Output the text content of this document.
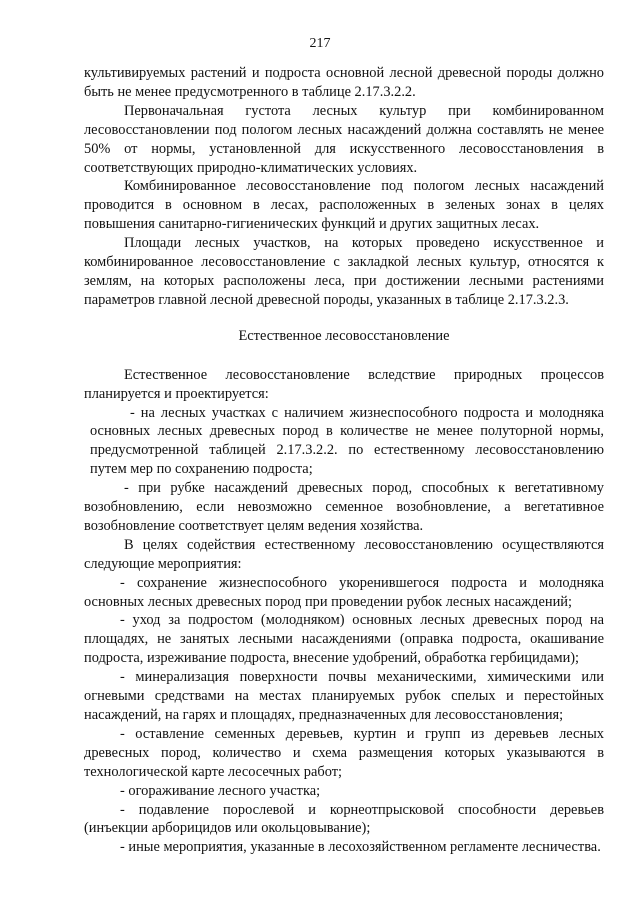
217

культивируемых растений и подроста основной лесной древесной породы должно быть не менее предусмотренного в таблице 2.17.3.2.2.

Первоначальная густота лесных культур при комбинированном лесовосстановлении под пологом лесных насаждений должна составлять не менее 50% от нормы, установленной для искусственного лесовосстановления в соответствующих природно-климатических условиях.

Комбинированное лесовосстановление под пологом лесных насаждений проводится в основном в лесах, расположенных в зеленых зонах в целях повышения санитарно-гигиенических функций и других защитных лесах.

Площади лесных участков, на которых проведено искусственное и комбинированное лесовосстановление с закладкой лесных культур, относятся к землям, на которых расположены леса, при достижении лесными растениями параметров главной лесной древесной породы, указанных в таблице 2.17.3.2.3.

Естественное лесовосстановление

Естественное лесовосстановление вследствие природных процессов планируется и проектируется:

- на лесных участках с наличием жизнеспособного подроста и молодняка основных лесных древесных пород в количестве не менее полуторной нормы, предусмотренной таблицей 2.17.3.2.2. по естественному лесовосстановлению путем мер по сохранению подроста;

- при рубке насаждений древесных пород, способных к вегетативному возобновлению, если невозможно семенное возобновление, а вегетативное возобновление соответствует целям ведения хозяйства.

В целях содействия естественному лесовосстановлению осуществляются следующие мероприятия:

- сохранение жизнеспособного укоренившегося подроста и молодняка основных лесных древесных пород при проведении рубок лесных насаждений;

- уход за подростом (молодняком) основных лесных древесных пород на площадях, не занятых лесными насаждениями (оправка подроста, окашивание подроста, изреживание подроста, внесение удобрений, обработка гербицидами);

- минерализация поверхности почвы механическими, химическими или огневыми средствами на местах планируемых рубок спелых и перестойных насаждений, на гарях и площадях, предназначенных для лесовосстановления;

- оставление семенных деревьев, куртин и групп из деревьев лесных древесных пород, количество и схема размещения которых указываются в технологической карте лесосечных работ;

- огораживание лесного участка;

- подавление порослевой и корнеотпрысковой способности деревьев (инъекции арборицидов или окольцовывание);

- иные мероприятия, указанные в лесохозяйственном регламенте лесничества.
